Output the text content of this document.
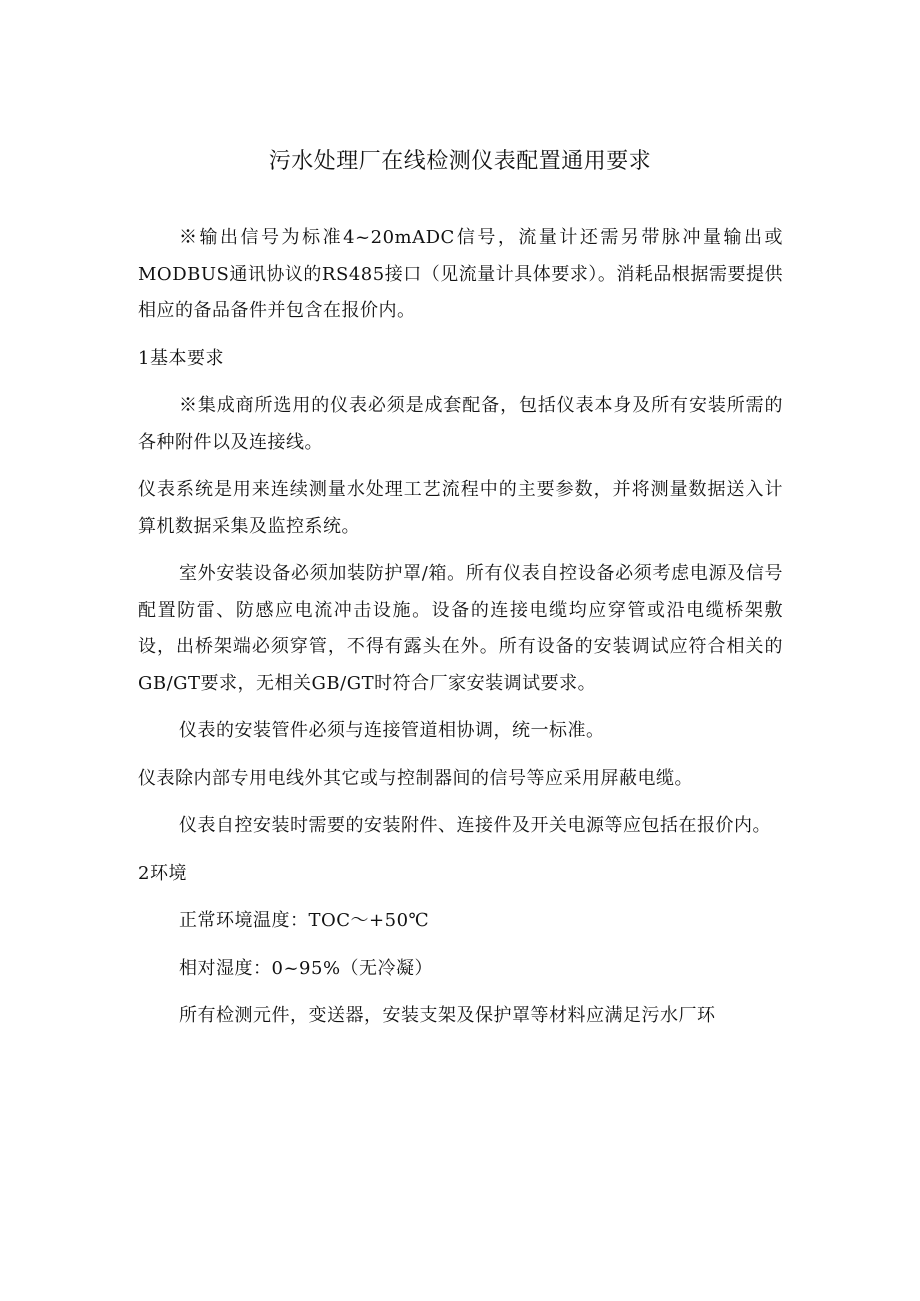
污水处理厂在线检测仪表配置通用要求

※输出信号为标准4~20mADC信号，流量计还需另带脉冲量输出或MODBUS通讯协议的RS485接口（见流量计具体要求）。消耗品根据需要提供相应的备品备件并包含在报价内。

1基本要求

※集成商所选用的仪表必须是成套配备，包括仪表本身及所有安装所需的各种附件以及连接线。

仪表系统是用来连续测量水处理工艺流程中的主要参数，并将测量数据送入计算机数据采集及监控系统。

室外安装设备必须加装防护罩/箱。所有仪表自控设备必须考虑电源及信号配置防雷、防感应电流冲击设施。设备的连接电缆均应穿管或沿电缆桥架敷设，出桥架端必须穿管，不得有露头在外。所有设备的安装调试应符合相关的GB/GT要求，无相关GB/GT时符合厂家安装调试要求。

仪表的安装管件必须与连接管道相协调，统一标准。

仪表除内部专用电线外其它或与控制器间的信号等应采用屏蔽电缆。

仪表自控安装时需要的安装附件、连接件及开关电源等应包括在报价内。

2环境

正常环境温度：TOC～+50℃

相对湿度：0~95%（无冷凝）

所有检测元件，变送器，安装支架及保护罩等材料应满足污水厂环
